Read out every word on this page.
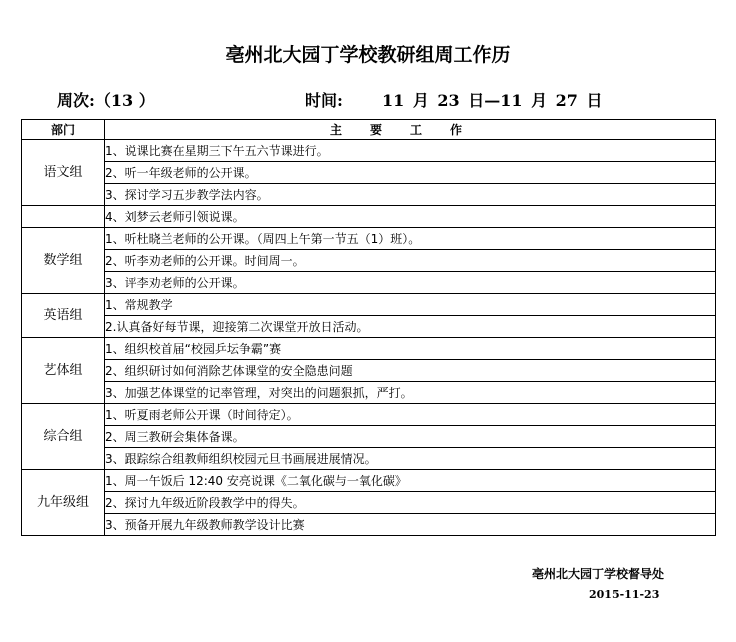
亳州北大园丁学校教研组周工作历
周次:（13 ）	时间: 11 月 23 日—11 月 27 日
部门	主要工作
语文组	1、说课比赛在星期三下午五六节课进行。
	2、听一年级老师的公开课。
	3、探讨学习五步教学法内容。
	4、刘梦云老师引领说课。
数学组	1、听杜晓兰老师的公开课。（周四上午第一节五（1）班）。
	2、听李劝老师的公开课。时间周一。
	3、评李劝老师的公开课。
英语组	1、常规教学
	2.认真备好每节课，迎接第二次课堂开放日活动。
艺体组	1、组织校首届“校园乒坛争霸”赛
	2、组织研讨如何消除艺体课堂的安全隐患问题
	3、加强艺体课堂的记率管理，对突出的问题狠抓，严打。
综合组	1、听夏雨老师公开课（时间待定）。
	2、周三教研会集体备课。
	3、跟踪综合组教师组织校园元旦书画展进展情况。
九年级组	1、周一午饭后 12:40 安亮说课《二氧化碳与一氧化碳》
	2、探讨九年级近阶段教学中的得失。
	3、预备开展九年级教师教学设计比赛
亳州北大园丁学校督导处
2015-11-23
